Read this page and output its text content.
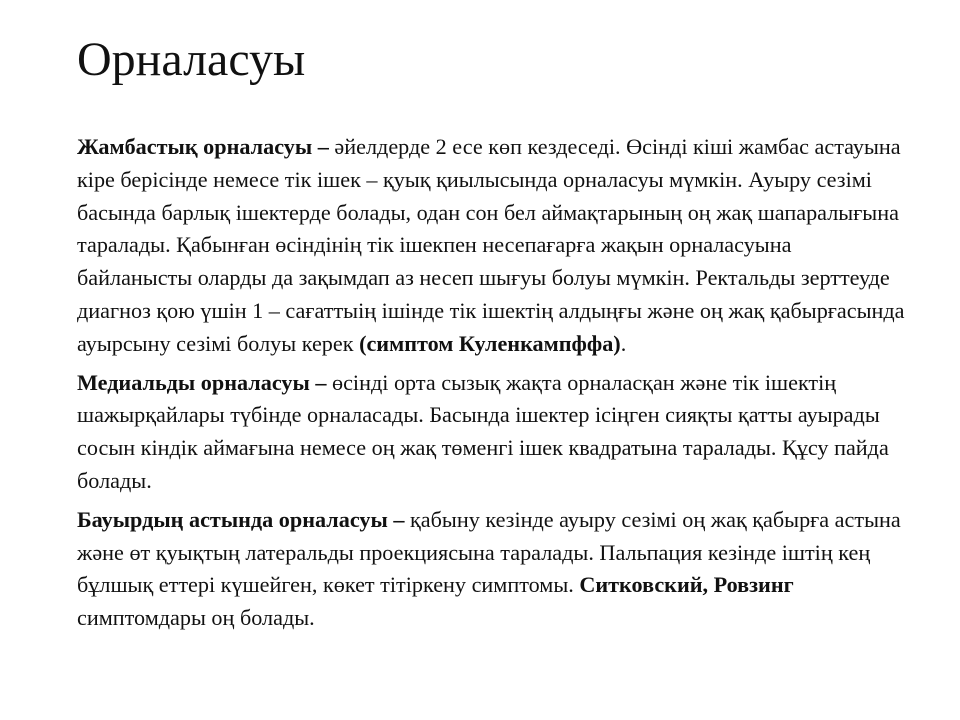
Орналасуы

Жамбастық орналасуы – әйелдерде 2 есе көп кездеседі. Өсінді кіші жамбас астауына кіре берісінде немесе тік ішек – қуық қиылысында орналасуы мүмкін. Ауыру сезімі басында барлық ішектерде болады, одан сон бел аймақтарының оң жақ шапаралығына таралады. Қабынған өсіндінің тік ішекпен несепағарға жақын орналасуына байланысты оларды да зақымдап аз несеп шығуы болуы мүмкін. Ректальды зерттеуде диагноз қою үшін 1 – сағаттыің ішінде тік ішектің алдыңғы және оң жақ қабырғасында ауырсыну сезімі болуы керек (симптом Куленкампффа).

Медиальды орналасуы – өсінді орта сызық жақта орналасқан және тік ішектің шажырқайлары түбінде орналасады. Басында ішектер ісіңген сияқты қатты ауырады сосын кіндік аймағына немесе оң жақ төменгі ішек квадратына таралады. Құсу пайда болады.

Бауырдың астында орналасуы – қабыну кезінде ауыру сезімі оң жақ қабырға астына және өт қуықтың латеральды проекциясына таралады. Пальпация кезінде іштің кең бұлшық еттері күшейген, көкет тітіркену симптомы. Ситковский, Ровзинг симптомдары оң болады.
